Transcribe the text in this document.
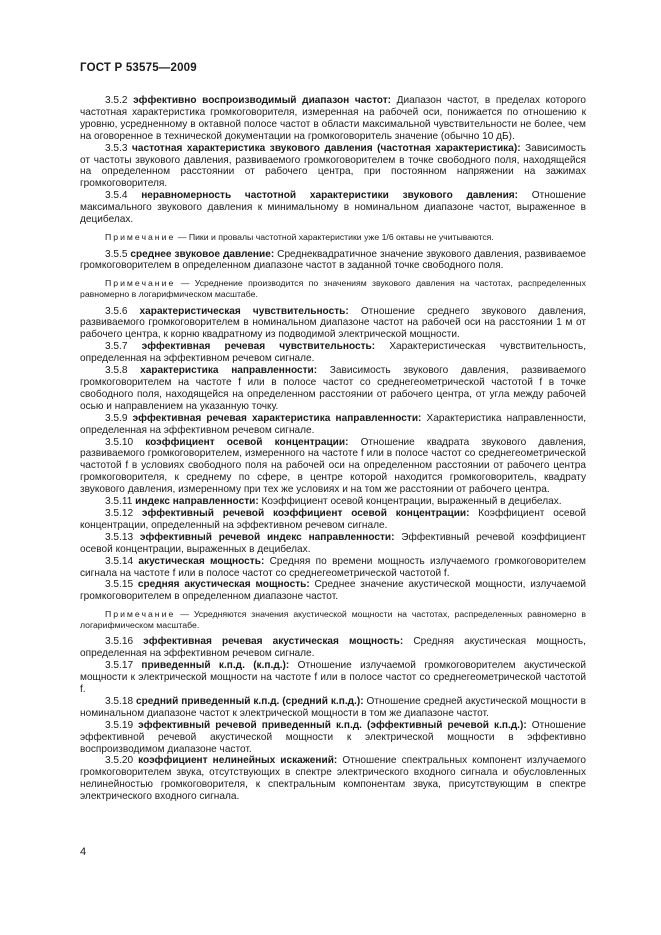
ГОСТ Р 53575—2009

3.5.2 эффективно воспроизводимый диапазон частот: Диапазон частот, в пределах которого частотная характеристика громкоговорителя, измеренная на рабочей оси, понижается по отношению к уровню, усредненному в октавной полосе частот в области максимальной чувствительности не более, чем на оговоренное в технической документации на громкоговоритель значение (обычно 10 дБ).

3.5.3 частотная характеристика звукового давления (частотная характеристика): Зависимость от частоты звукового давления, развиваемого громкоговорителем в точке свободного поля, находящейся на определенном расстоянии от рабочего центра, при постоянном напряжении на зажимах громкоговорителя.

3.5.4 неравномерность частотной характеристики звукового давления: Отношение максимального звукового давления к минимальному в номинальном диапазоне частот, выраженное в децибелах.

Примечание — Пики и провалы частотной характеристики уже 1/6 октавы не учитываются.

3.5.5 среднее звуковое давление: Среднеквадратичное значение звукового давления, развиваемое громкоговорителем в определенном диапазоне частот в заданной точке свободного поля.

Примечание — Усреднение производится по значениям звукового давления на частотах, распределенных равномерно в логарифмическом масштабе.

3.5.6 характеристическая чувствительность: Отношение среднего звукового давления, развиваемого громкоговорителем в номинальном диапазоне частот на рабочей оси на расстоянии 1 м от рабочего центра, к корню квадратному из подводимой электрической мощности.

3.5.7 эффективная речевая чувствительность: Характеристическая чувствительность, определенная на эффективном речевом сигнале.

3.5.8 характеристика направленности: Зависимость звукового давления, развиваемого громкоговорителем на частоте f или в полосе частот со среднегеометрической частотой f в точке свободного поля, находящейся на определенном расстоянии от рабочего центра, от угла между рабочей осью и направлением на указанную точку.

3.5.9 эффективная речевая характеристика направленности: Характеристика направленности, определенная на эффективном речевом сигнале.

3.5.10 коэффициент осевой концентрации: Отношение квадрата звукового давления, развиваемого громкоговорителем, измеренного на частоте f или в полосе частот со среднегеометрической частотой f в условиях свободного поля на рабочей оси на определенном расстоянии от рабочего центра громкоговорителя, к среднему по сфере, в центре которой находится громкоговоритель, квадрату звукового давления, измеренному при тех же условиях и на том же расстоянии от рабочего центра.

3.5.11 индекс направленности: Коэффициент осевой концентрации, выраженный в децибелах.

3.5.12 эффективный речевой коэффициент осевой концентрации: Коэффициент осевой концентрации, определенный на эффективном речевом сигнале.

3.5.13 эффективный речевой индекс направленности: Эффективный речевой коэффициент осевой концентрации, выраженных в децибелах.

3.5.14 акустическая мощность: Средняя по времени мощность излучаемого громкоговорителем сигнала на частоте f или в полосе частот со среднегеометрической частотой f.

3.5.15 средняя акустическая мощность: Среднее значение акустической мощности, излучаемой громкоговорителем в определенном диапазоне частот.

Примечание — Усредняются значения акустической мощности на частотах, распределенных равномерно в логарифмическом масштабе.

3.5.16 эффективная речевая акустическая мощность: Средняя акустическая мощность, определенная на эффективном речевом сигнале.

3.5.17 приведенный к.п.д. (к.п.д.): Отношение излучаемой громкоговорителем акустической мощности к электрической мощности на частоте f или в полосе частот со среднегеометрической частотой f.

3.5.18 средний приведенный к.п.д. (средний к.п.д.): Отношение средней акустической мощности в номинальном диапазоне частот к электрической мощности в том же диапазоне частот.

3.5.19 эффективный речевой приведенный к.п.д. (эффективный речевой к.п.д.): Отношение эффективной речевой акустической мощности к электрической мощности в эффективно воспроизводимом диапазоне частот.

3.5.20 коэффициент нелинейных искажений: Отношение спектральных компонент излучаемого громкоговорителем звука, отсутствующих в спектре электрического входного сигнала и обусловленных нелинейностью громкоговорителя, к спектральным компонентам звука, присутствующим в спектре электрического входного сигнала.

4
